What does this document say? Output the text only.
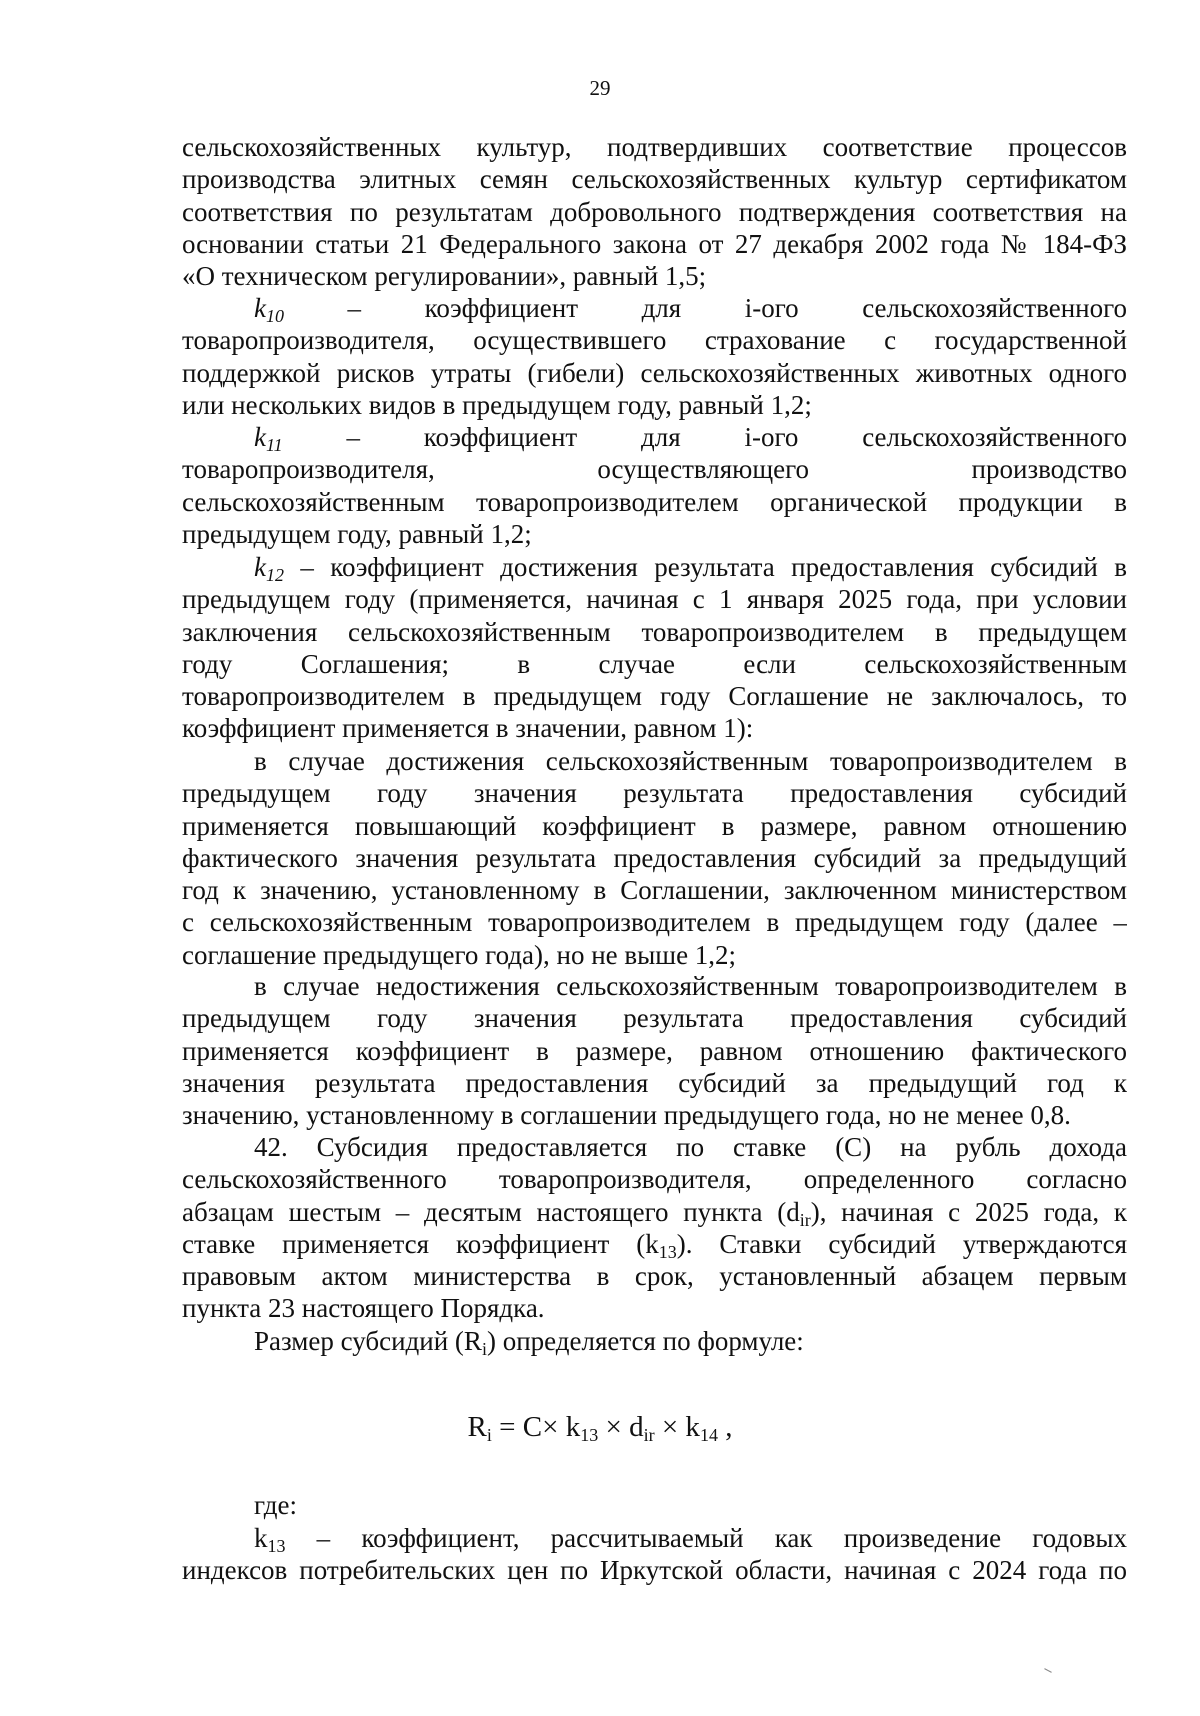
29
сельскохозяйственных культур, подтвердивших соответствие процессов
производства элитных семян сельскохозяйственных культур сертификатом
соответствия по результатам добровольного подтверждения соответствия на
основании статьи 21 Федерального закона от 27 декабря 2002 года № 184-ФЗ
«О техническом регулировании», равный 1,5;
$k_{10}$ – коэффициент для i-ого сельскохозяйственного
товаропроизводителя, осуществившего страхование с государственной
поддержкой рисков утраты (гибели) сельскохозяйственных животных одного
или нескольких видов в предыдущем году, равный 1,2;
$k_{11}$ – коэффициент для i-ого сельскохозяйственного
товаропроизводителя, осуществляющего производство
сельскохозяйственным товаропроизводителем органической продукции в
предыдущем году, равный 1,2;
$k_{12}$ – коэффициент достижения результата предоставления субсидий в
предыдущем году (применяется, начиная с 1 января 2025 года, при условии
заключения сельскохозяйственным товаропроизводителем в предыдущем
году Соглашения; в случае если сельскохозяйственным
товаропроизводителем в предыдущем году Соглашение не заключалось, то
коэффициент применяется в значении, равном 1):
в случае достижения сельскохозяйственным товаропроизводителем в
предыдущем году значения результата предоставления субсидий
применяется повышающий коэффициент в размере, равном отношению
фактического значения результата предоставления субсидий за предыдущий
год к значению, установленному в Соглашении, заключенном министерством
с сельскохозяйственным товаропроизводителем в предыдущем году (далее –
соглашение предыдущего года), но не выше 1,2;
в случае недостижения сельскохозяйственным товаропроизводителем в
предыдущем году значения результата предоставления субсидий
применяется коэффициент в размере, равном отношению фактического
значения результата предоставления субсидий за предыдущий год к
значению, установленному в соглашении предыдущего года, но не менее 0,8.
42. Субсидия предоставляется по ставке (С) на рубль дохода
сельскохозяйственного товаропроизводителя, определенного согласно
абзацам шестым – десятым настоящего пункта $(d_{ir})$, начиная с 2025 года, к
ставке применяется коэффициент $(k_{13})$. Ставки субсидий утверждаются
правовым актом министерства в срок, установленный абзацем первым
пункта 23 настоящего Порядка.
Размер субсидий $(R_i)$ определяется по формуле:
$R_i = C\times k_{13} \times d_{ir} \times k_{14}$ ,
где:
$k_{13}$ – коэффициент, рассчитываемый как произведение годовых
индексов потребительских цен по Иркутской области, начиная с 2024 года по
